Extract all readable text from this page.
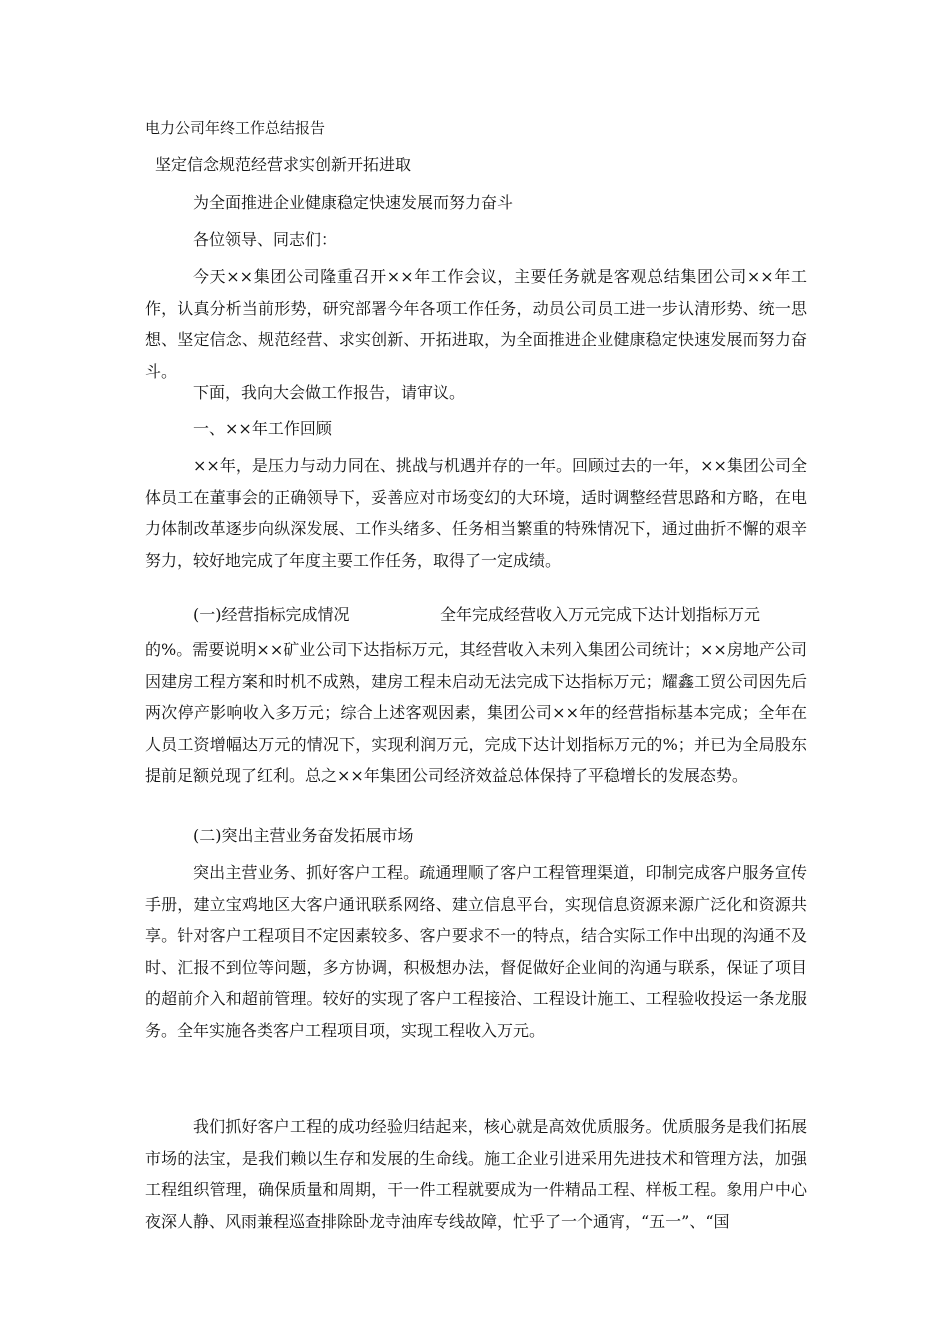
电力公司年终工作总结报告
坚定信念规范经营求实创新开拓进取
为全面推进企业健康稳定快速发展而努力奋斗
各位领导、同志们：

今天××集团公司隆重召开××年工作会议，主要任务就是客观总结集团公司××年工作，认真分析当前形势，研究部署今年各项工作任务，动员公司员工进一步认清形势、统一思想、坚定信念、规范经营、求实创新、开拓进取，为全面推进企业健康稳定快速发展而努力奋斗。

下面，我向大会做工作报告，请审议。
一、××年工作回顾

××年，是压力与动力同在、挑战与机遇并存的一年。回顾过去的一年，××集团公司全体员工在董事会的正确领导下，妥善应对市场变幻的大环境，适时调整经营思路和方略，在电力体制改革逐步向纵深发展、工作头绪多、任务相当繁重的特殊情况下，通过曲折不懈的艰辛努力，较好地完成了年度主要工作任务，取得了一定成绩。

(一)经营指标完成情况	全年完成经营收入万元完成下达计划指标万元

的%。需要说明××矿业公司下达指标万元，其经营收入未列入集团公司统计；××房地产公司因建房工程方案和时机不成熟，建房工程未启动无法完成下达指标万元；耀鑫工贸公司因先后两次停产影响收入多万元；综合上述客观因素，集团公司××年的经营指标基本完成；全年在人员工资增幅达万元的情况下，实现利润万元，完成下达计划指标万元的%；并已为全局股东提前足额兑现了红利。总之××年集团公司经济效益总体保持了平稳增长的发展态势。

(二)突出主营业务奋发拓展市场

突出主营业务、抓好客户工程。疏通理顺了客户工程管理渠道，印制完成客户服务宣传手册，建立宝鸡地区大客户通讯联系网络、建立信息平台，实现信息资源来源广泛化和资源共享。针对客户工程项目不定因素较多、客户要求不一的特点，结合实际工作中出现的沟通不及时、汇报不到位等问题，多方协调，积极想办法，督促做好企业间的沟通与联系，保证了项目的超前介入和超前管理。较好的实现了客户工程接洽、工程设计施工、工程验收投运一条龙服务。全年实施各类客户工程项目项，实现工程收入万元。

我们抓好客户工程的成功经验归结起来，核心就是高效优质服务。优质服务是我们拓展市场的法宝，是我们赖以生存和发展的生命线。施工企业引进采用先进技术和管理方法，加强工程组织管理，确保质量和周期，干一件工程就要成为一件精品工程、样板工程。象用户中心夜深人静、风雨兼程巡查排除卧龙寺油库专线故障，忙乎了一个通宵，“五一”、“国
